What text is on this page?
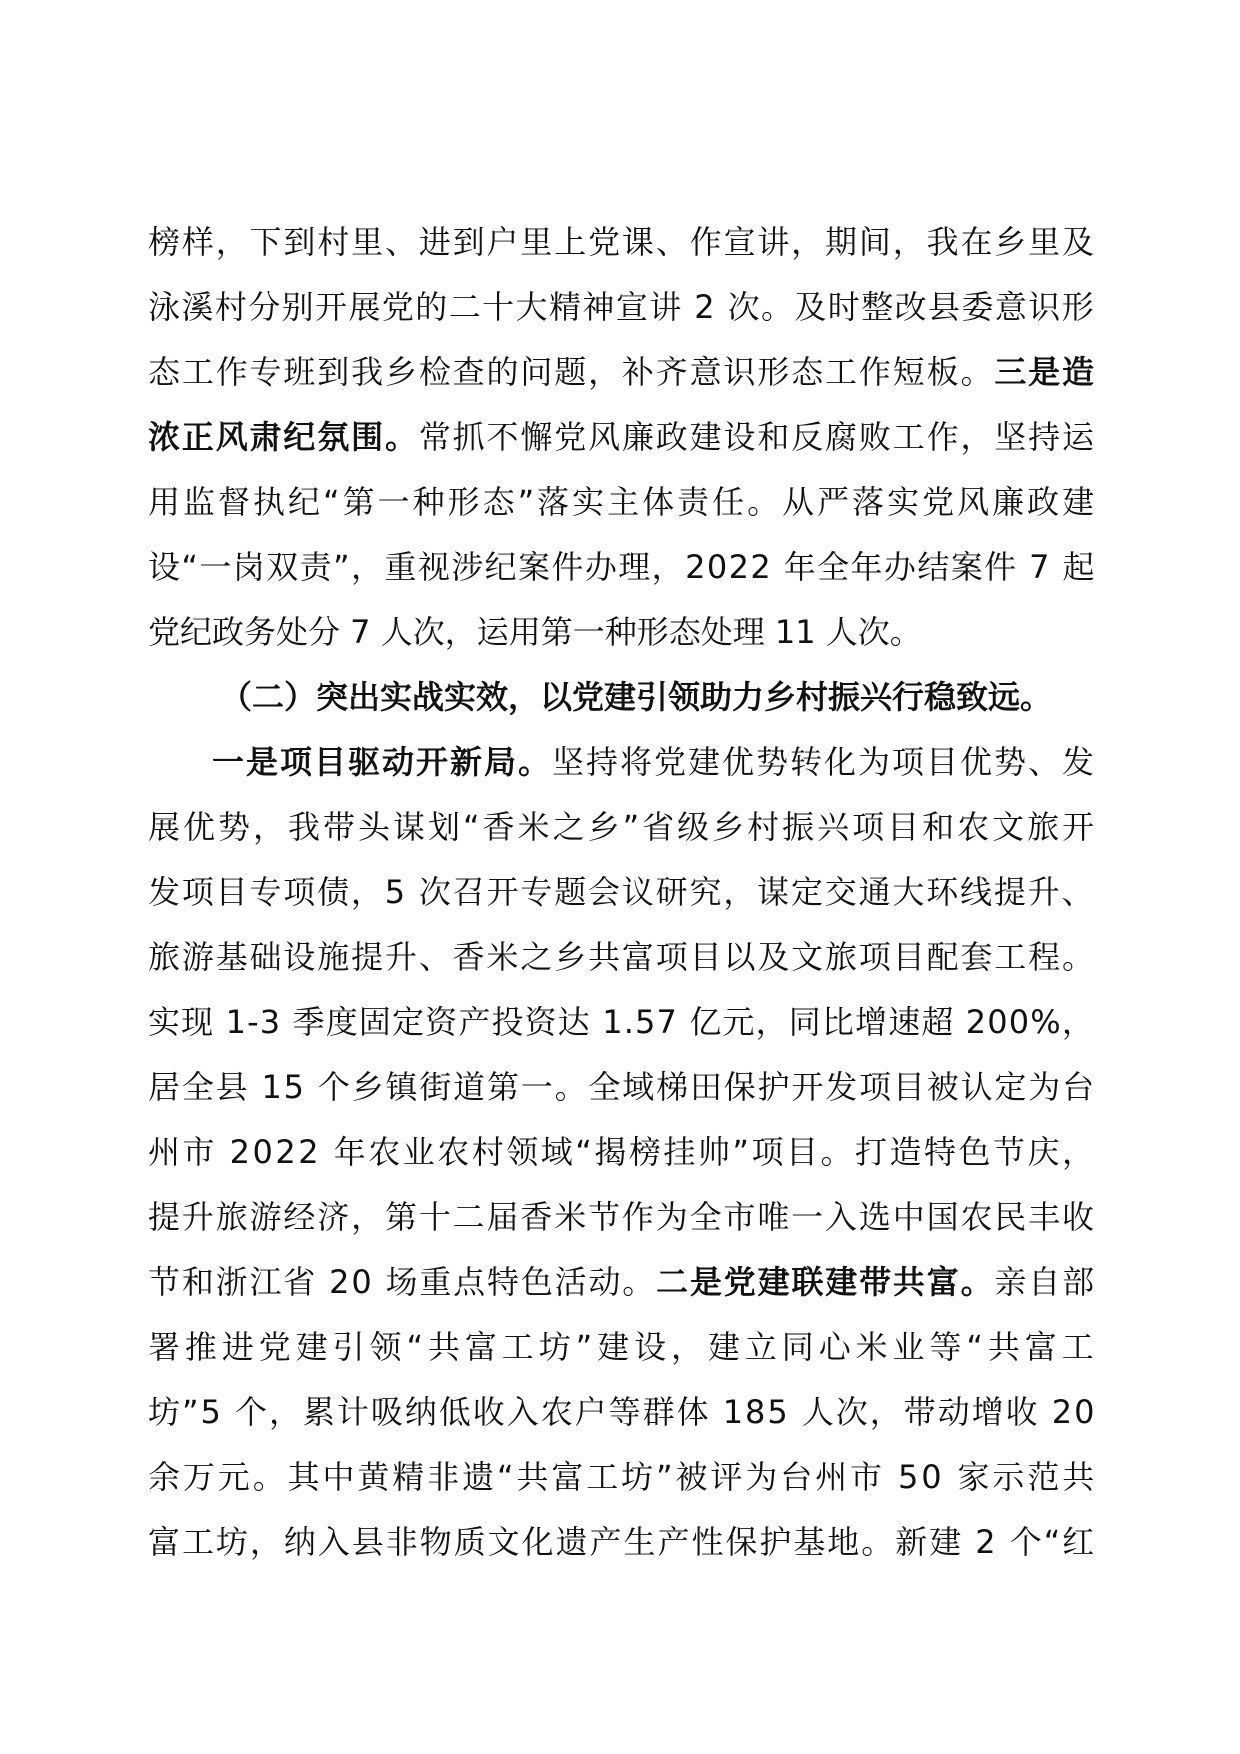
榜样，下到村里、进到户里上党课、作宣讲，期间，我在乡里及
泳溪村分别开展党的二十大精神宣讲 2 次。及时整改县委意识形
态工作专班到我乡检查的问题，补齐意识形态工作短板。三是造
浓正风肃纪氛围。常抓不懈党风廉政建设和反腐败工作，坚持运
用监督执纪“第一种形态”落实主体责任。从严落实党风廉政建
设“一岗双责”，重视涉纪案件办理，2022 年全年办结案件 7 起
党纪政务处分 7 人次，运用第一种形态处理 11 人次。
（二）突出实战实效，以党建引领助力乡村振兴行稳致远。
一是项目驱动开新局。坚持将党建优势转化为项目优势、发
展优势，我带头谋划“香米之乡”省级乡村振兴项目和农文旅开
发项目专项债，5 次召开专题会议研究，谋定交通大环线提升、
旅游基础设施提升、香米之乡共富项目以及文旅项目配套工程。
实现 1-3 季度固定资产投资达 1.57 亿元，同比增速超 200%，
居全县 15 个乡镇街道第一。全域梯田保护开发项目被认定为台
州市 2022 年农业农村领域“揭榜挂帅”项目。打造特色节庆，
提升旅游经济，第十二届香米节作为全市唯一入选中国农民丰收
节和浙江省 20 场重点特色活动。二是党建联建带共富。亲自部
署推进党建引领“共富工坊”建设，建立同心米业等“共富工
坊”5 个，累计吸纳低收入农户等群体 185 人次，带动增收 20
余万元。其中黄精非遗“共富工坊”被评为台州市 50 家示范共
富工坊，纳入县非物质文化遗产生产性保护基地。新建 2 个“红
